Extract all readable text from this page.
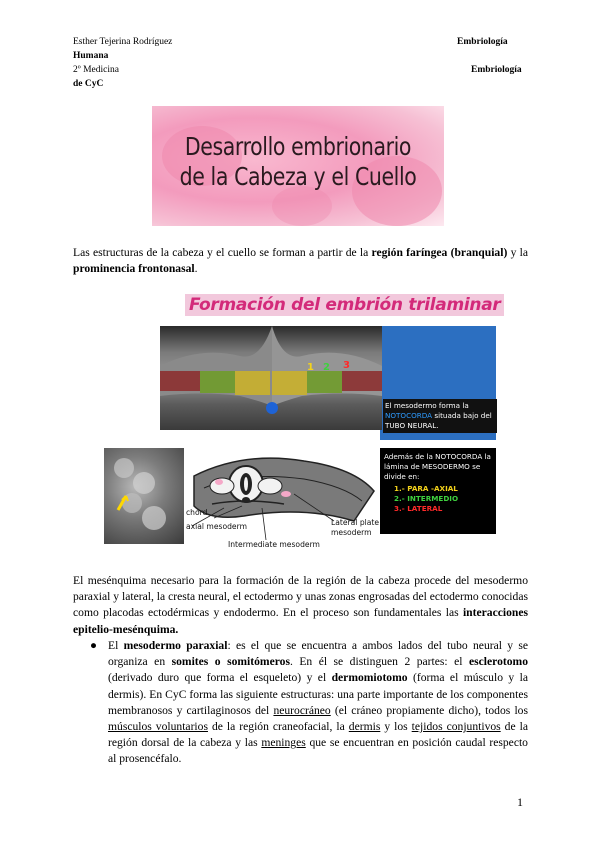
Esther Tejerina Rodríguez	Embriología
Humana
2º Medicina	Embriología
de CyC
Desarrollo embrionario
de la Cabeza y el Cuello
Las estructuras de la cabeza y el cuello se forman a partir de la región faríngea (branquial) y la prominencia frontonasal.
Formación del embrión trilaminar
1 2 3
El mesodermo forma la NOTOCORDA situada bajo del TUBO NEURAL.
Además de la NOTOCORDA la lámina de MESODERMO se divide en:
1.- PARA -AXIAL
2.- INTERMEDIO
3.- LATERAL
chord
axial mesoderm
Intermediate mesoderm
Lateral plate
mesoderm
El mesénquima necesario para la formación de la región de la cabeza procede del mesodermo paraxial y lateral, la cresta neural, el ectodermo y unas zonas engrosadas del ectodermo conocidas como placodas ectodérmicas y endodermo. En el proceso son fundamentales las interacciones epitelio-mesénquima.
● El mesodermo paraxial: es el que se encuentra a ambos lados del tubo neural y se organiza en somites o somitómeros. En él se distinguen 2 partes: el esclerotomo (derivado duro que forma el esqueleto) y el dermomiotomo (forma el músculo y la dermis). En CyC forma las siguiente estructuras: una parte importante de los componentes membranosos y cartilaginosos del neurocráneo (el cráneo propiamente dicho), todos los músculos voluntarios de la región craneofacial, la dermis y los tejidos conjuntivos de la región dorsal de la cabeza y las meninges que se encuentran en posición caudal respecto al prosencéfalo.
1
